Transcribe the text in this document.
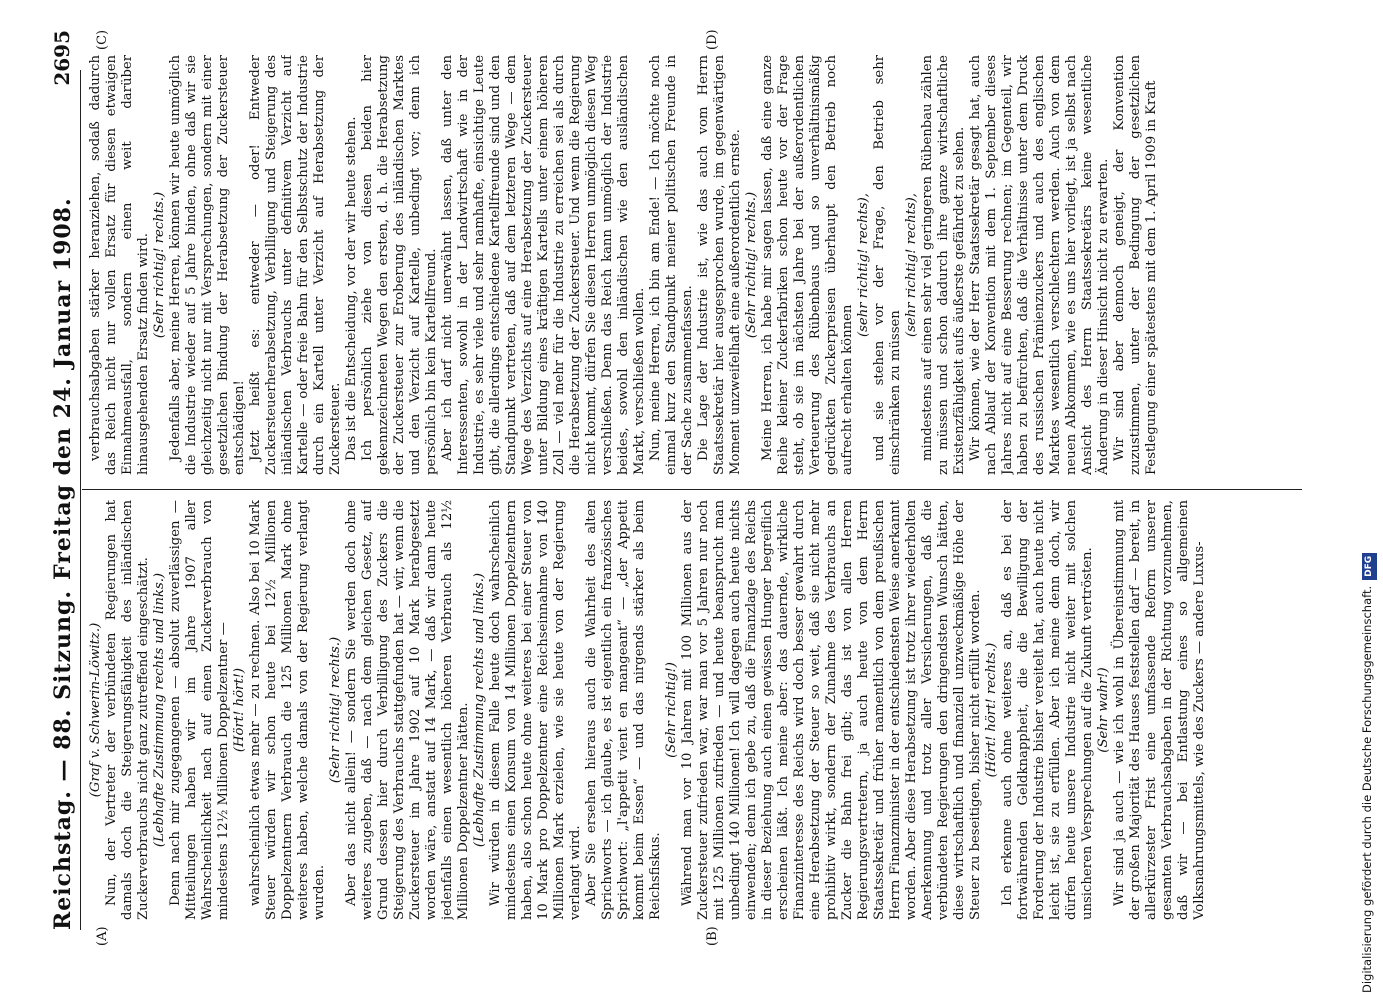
Reichstag. — 88. Sitzung.
Freitag den 24. Januar 1908.
2695
(A)	(B)
(C)	(D)

(Graf v. Schwerin-Löwitz.) Nun, der Vertreter der verbündeten Regierungen hat damals doch die Steigerungsfähigkeit des inländischen Zuckerverbrauchs nicht ganz zutreffend eingeschätzt. (Lebhafte Zustimmung rechts und links.) Denn nach mir zugegangenen — absolut zuverlässigen — Mitteilungen haben wir im Jahre 1907 aller Wahrscheinlichkeit nach auf einen Zuckerverbrauch von mindestens 12½ Millionen Doppelzentner — (Hört! hört!) wahrscheinlich etwas mehr — zu rechnen. Also bei 10 Mark Steuer würden wir schon heute bei 12½ Millionen Doppelzentnern Verbrauch die 125 Millionen Mark ohne weiteres haben, welche damals von der Regierung verlangt wurden.

(Sehr richtig! rechts.) Aber das nicht allein! — sondern Sie werden doch ohne weiteres zugeben, daß — nach dem gleichen Gesetz, auf Grund dessen hier durch Verbilligung des Zuckers die Steigerung des Verbrauchs stattgefunden hat — wir, wenn die Zuckersteuer im Jahre 1902 auf 10 Mark herabgesetzt worden wäre, anstatt auf 14 Mark, — daß wir dann heute jedenfalls einen wesentlich höheren Verbrauch als 12½ Millionen Doppelzentner hätten. (Lebhafte Zustimmung rechts und links.) Wir würden in diesem Falle heute doch wahrscheinlich mindestens einen Konsum von 14 Millionen Doppelzentnern haben, also schon heute ohne weiteres bei einer Steuer von 10 Mark pro Doppelzentner eine Reichseinnahme von 140 Millionen Mark erzielen, wie sie heute von der Regierung verlangt wird. Aber Sie ersehen hieraus auch die Wahrheit des alten Sprichworts — ich glaube, es ist eigentlich ein französisches Sprichwort: „l'appetit vient en mangeant“ — „der Appetit kommt beim Essen“ — und das nirgends stärker als beim Reichsfiskus.

(Sehr richtig!) Während man vor 10 Jahren mit 100 Millionen aus der Zuckersteuer zufrieden war, war man vor 5 Jahren nur noch mit 125 Millionen zufrieden — und heute beansprucht man unbedingt 140 Millionen! Ich will dagegen auch heute nichts einwenden; denn ich gebe zu, daß die Finanzlage des Reichs in dieser Beziehung auch einen gewissen Hunger begreiflich erscheinen läßt. Ich meine aber: das dauernde, wirkliche Finanzinteresse des Reichs wird doch besser gewahrt durch eine Herabsetzung der Steuer so weit, daß sie nicht mehr prohibitiv wirkt, sondern der Zunahme des Verbrauchs an Zucker die Bahn frei gibt; das ist von allen Herren Regierungsvertretern, ja auch heute von dem Herrn Staatssekretär und früher namentlich von dem preußischen Herrn Finanzminister in der entschiedensten Weise anerkannt worden. Aber diese Herabsetzung ist trotz ihrer wiederholten Anerkennung und trotz aller Versicherungen, daß die verbündeten Regierungen den dringendsten Wunsch hätten, diese wirtschaftlich und finanziell unzweckmäßige Höhe der Steuer zu beseitigen, bisher nicht erfüllt worden. (Hört! hört! rechts.) Ich erkenne auch ohne weiteres an, daß es bei der fortwährenden Geldknappheit, die die Bewilligung der Forderung der Industrie bisher vereitelt hat, auch heute nicht leicht ist, sie zu erfüllen. Aber ich meine denn doch, wir dürfen heute unsere Industrie nicht weiter mit solchen unsicheren Versprechungen auf die Zukunft vertrösten. (Sehr wahr!) Wir sind ja auch — wie ich wohl in Übereinstimmung mit der großen Majorität des Hauses feststellen darf — bereit, in allerkürzester Frist eine umfassende Reform unserer gesamten Verbrauchsabgaben in der Richtung vorzunehmen, daß wir — bei Entlastung eines so allgemeinen Volksnahrungsmittels, wie des Zuckers — andere Luxus-

verbrauchsabgaben stärker heranziehen, sodaß dadurch das Reich nicht nur vollen Ersatz für diesen etwaigen Einnahmeausfall, sondern einen weit darüber hinausgehenden Ersatz finden wird. (Sehr richtig! rechts.) Jedenfalls aber, meine Herren, können wir heute unmöglich die Industrie wieder auf 5 Jahre binden, ohne daß wir sie gleichzeitig nicht nur mit Versprechungen, sondern mit einer gesetzlichen Bindung der Herabsetzung der Zuckersteuer entschädigen! Jetzt heißt es: entweder — oder! Entweder Zuckersteuerherabsetzung, Verbilligung und Steigerung des inländischen Verbrauchs unter definitivem Verzicht auf Kartelle — oder freie Bahn für den Selbstschutz der Industrie durch ein Kartell unter Verzicht auf Herabsetzung der Zuckersteuer. Das ist die Entscheidung, vor der wir heute stehen. Ich persönlich ziehe von diesen beiden hier gekennzeichneten Wegen den ersten, d. h. die Herabsetzung der Zuckersteuer zur Eroberung des inländischen Marktes und den Verzicht auf Kartelle, unbedingt vor; denn ich persönlich bin kein Kartellfreund. Aber ich darf nicht unerwähnt lassen, daß unter den Interessenten, sowohl in der Landwirtschaft wie in der Industrie, es sehr viele und sehr namhafte, einsichtige Leute gibt, die allerdings entschiedene Kartellfreunde sind und den Standpunkt vertreten, daß auf dem letzteren Wege — dem Wege des Verzichts auf eine Herabsetzung der Zuckersteuer unter Bildung eines kräftigen Kartells unter einem höheren Zoll — viel mehr für die Industrie zu erreichen sei als durch die Herabsetzung der Zuckersteuer. Und wenn die Regierung nicht kommt, dürfen Sie diesen Herren unmöglich diesen Weg verschließen. Denn das Reich kann unmöglich der Industrie beides, sowohl den inländischen wie den ausländischen Markt, verschließen wollen. Nun, meine Herren, ich bin am Ende! — Ich möchte noch einmal kurz den Standpunkt meiner politischen Freunde in der Sache zusammenfassen. Die Lage der Industrie ist, wie das auch vom Herrn Staatssekretär hier ausgesprochen wurde, im gegenwärtigen Moment unzweifelhaft eine außerordentlich ernste. (Sehr richtig! rechts.) Meine Herren, ich habe mir sagen lassen, daß eine ganze Reihe kleiner Zuckerfabriken schon heute vor der Frage steht, ob sie im nächsten Jahre bei der außerordentlichen Verteuerung des Rübenbaus und so unverhältnismäßig gedrückten Zuckerpreisen überhaupt den Betrieb noch aufrecht erhalten können

(sehr richtig! rechts), und sie stehen vor der Frage, den Betrieb sehr einschränken zu müssen

(sehr richtig! rechts), mindestens auf einen sehr viel geringeren Rübenbau zählen zu müssen und schon dadurch ihre ganze wirtschaftliche Existenzfähigkeit aufs äußerste gefährdet zu sehen. Wir können, wie der Herr Staatssekretär gesagt hat, auch nach Ablauf der Konvention mit dem 1. September dieses Jahres nicht auf eine Besserung rechnen; im Gegenteil, wir haben zu befürchten, daß die Verhältnisse unter dem Druck des russischen Prämienzuckers und auch des englischen Marktes wesentlich verschlechtern werden. Auch von dem neuen Abkommen, wie es uns hier vorliegt, ist ja selbst nach Ansicht des Herrn Staatssekretärs keine wesentliche Änderung in dieser Hinsicht nicht zu erwarten. Wir sind aber dennoch geneigt, der Konvention zuzustimmen, unter der Bedingung der gesetzlichen Festlegung einer spätestens mit dem 1. April 1909 in Kraft

Digitalisierung gefördert durch die Deutsche Forschungsgemeinschaft.DFG
